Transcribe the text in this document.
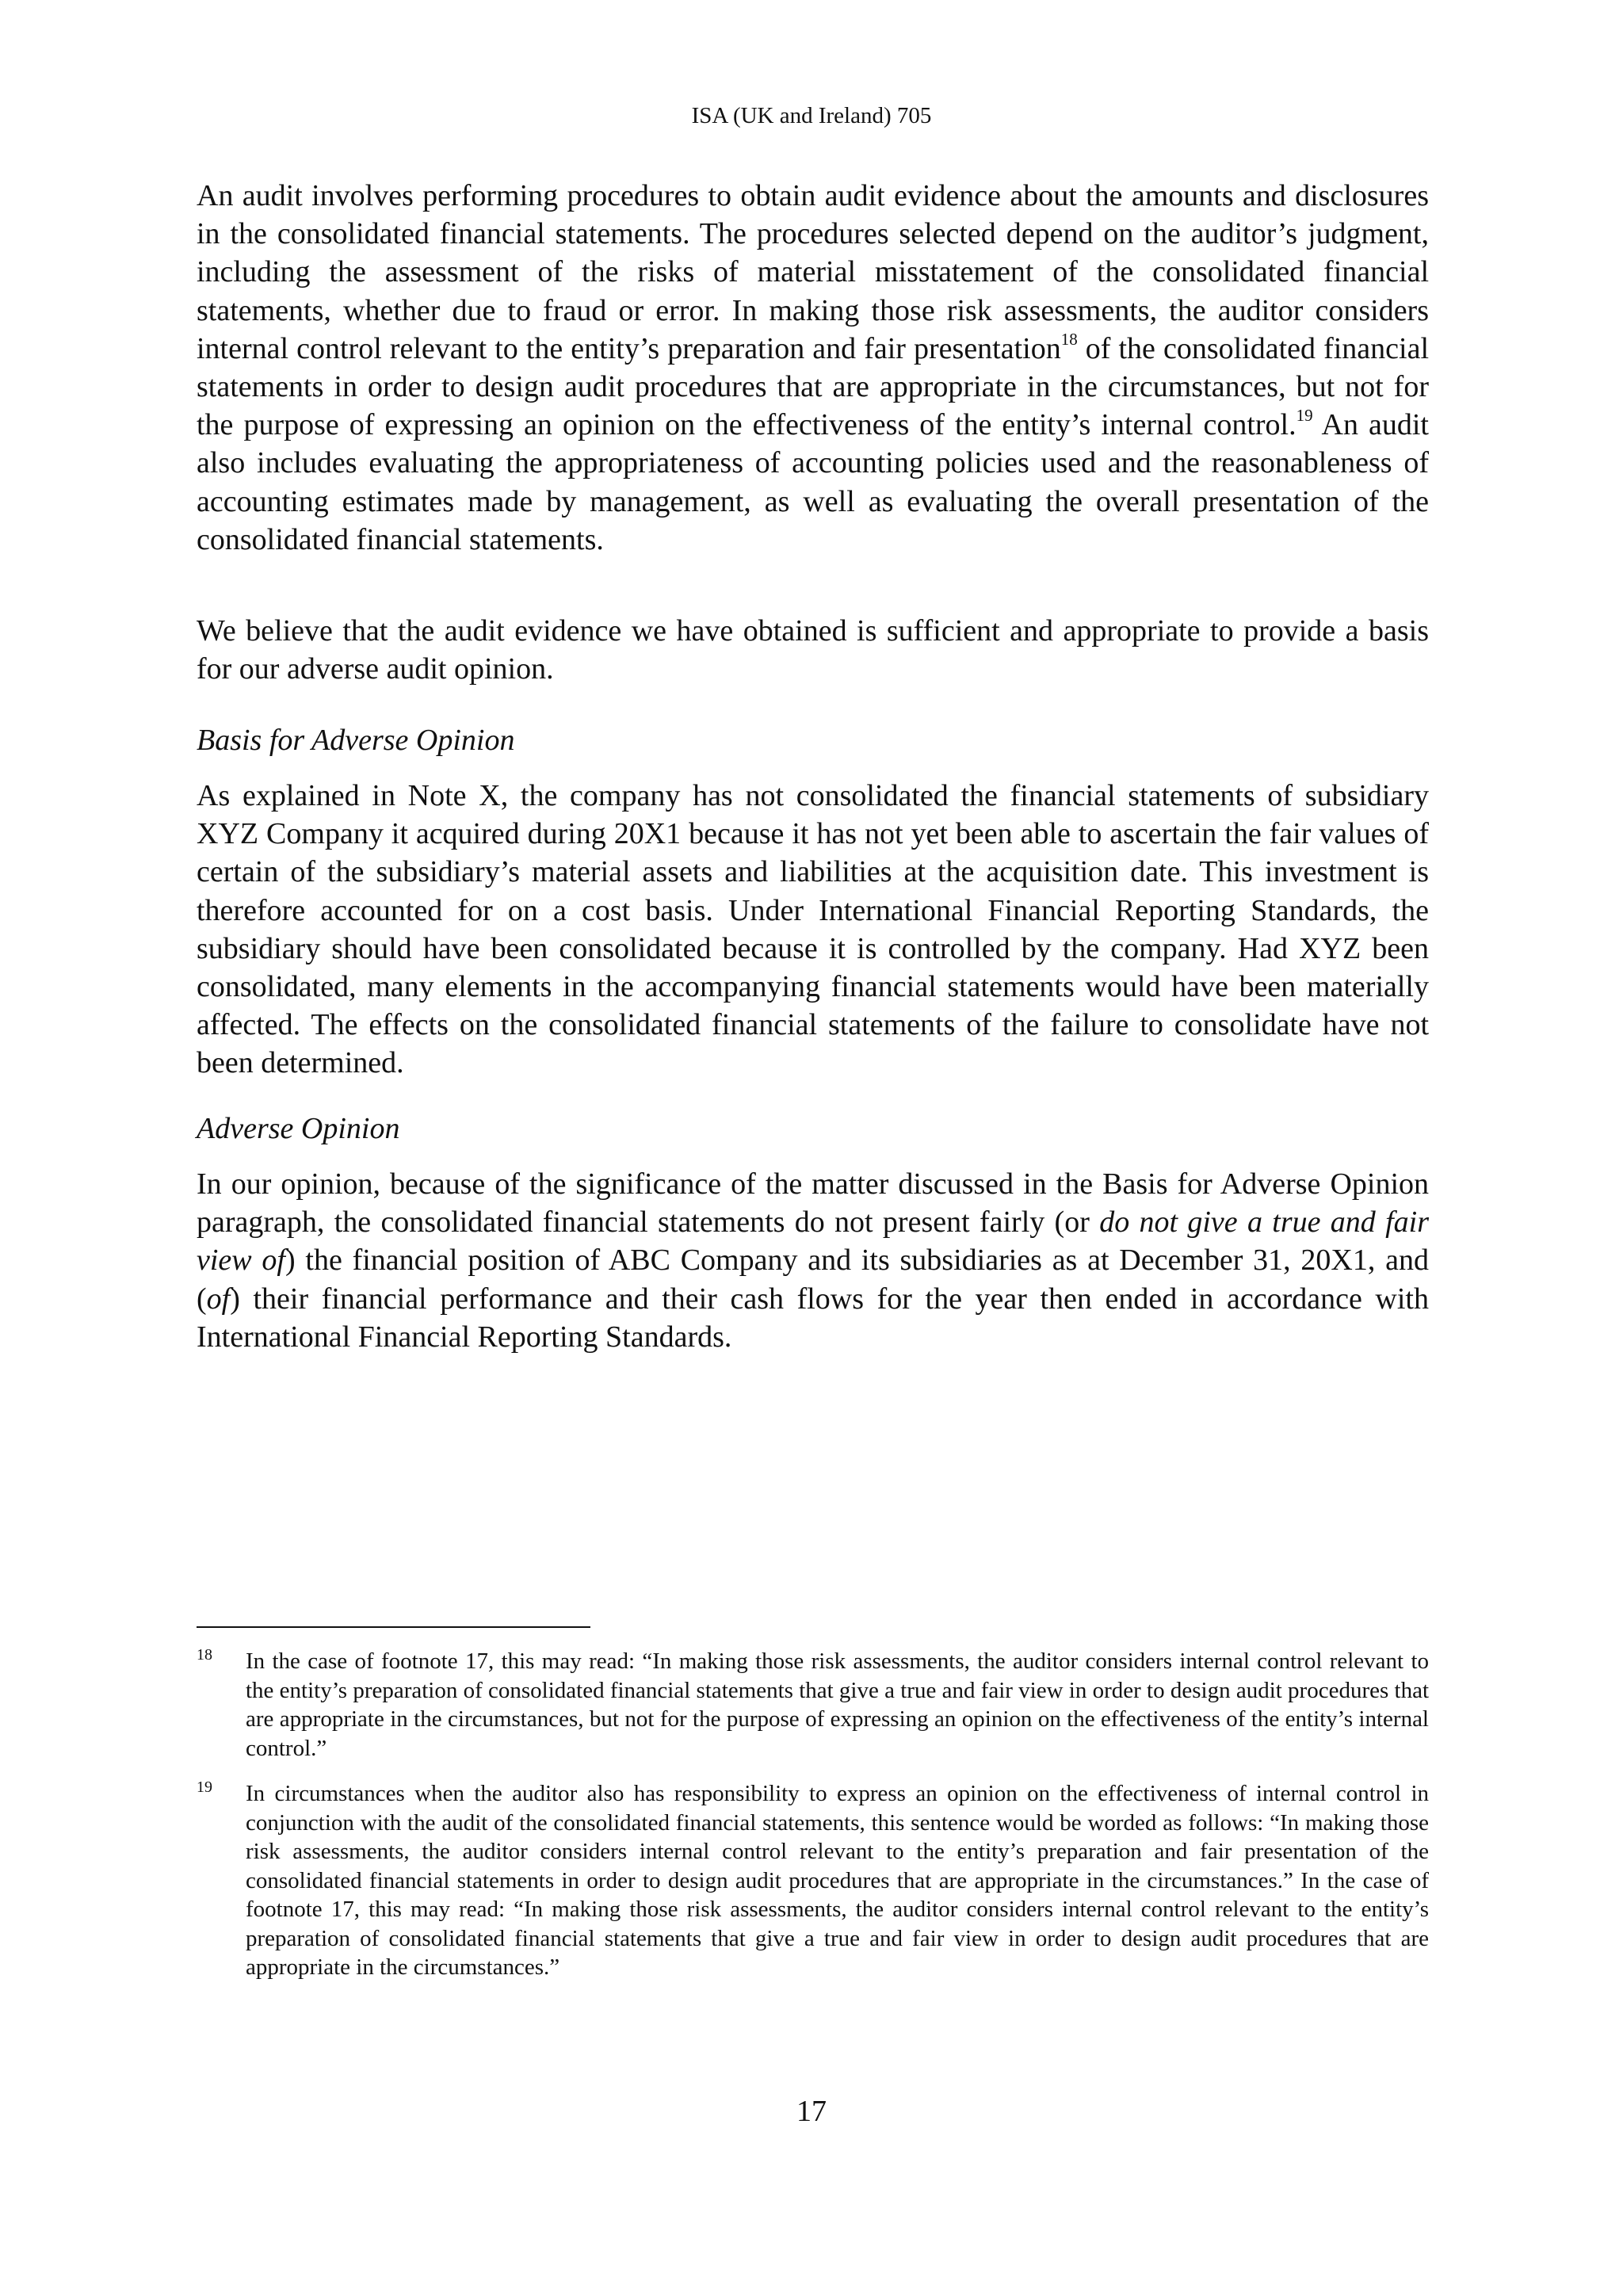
ISA (UK and Ireland) 705

An audit involves performing procedures to obtain audit evidence about the amounts and disclosures in the consolidated financial statements. The procedures selected depend on the auditor’s judgment, including the assessment of the risks of material misstatement of the consolidated financial statements, whether due to fraud or error. In making those risk assessments, the auditor considers internal control relevant to the entity’s preparation and fair presentation$^{18}$ of the consolidated financial statements in order to design audit procedures that are appropriate in the circumstances, but not for the purpose of expressing an opinion on the effectiveness of the entity’s internal control.$^{19}$ An audit also includes evaluating the appropriateness of accounting policies used and the reasonableness of accounting estimates made by management, as well as evaluating the overall presentation of the consolidated financial statements.

We believe that the audit evidence we have obtained is sufficient and appropriate to provide a basis for our adverse audit opinion.

Basis for Adverse Opinion

As explained in Note X, the company has not consolidated the financial statements of subsidiary XYZ Company it acquired during 20X1 because it has not yet been able to ascertain the fair values of certain of the subsidiary’s material assets and liabilities at the acquisition date. This investment is therefore accounted for on a cost basis. Under International Financial Reporting Standards, the subsidiary should have been consolidated because it is controlled by the company. Had XYZ been consolidated, many elements in the accompanying financial statements would have been materially affected. The effects on the consolidated financial statements of the failure to consolidate have not been determined.

Adverse Opinion

In our opinion, because of the significance of the matter discussed in the Basis for Adverse Opinion paragraph, the consolidated financial statements do not present fairly (or do not give a true and fair view of) the financial position of ABC Company and its subsidiaries as at December 31, 20X1, and (of) their financial performance and their cash flows for the year then ended in accordance with International Financial Reporting Standards.

18 In the case of footnote 17, this may read: “In making those risk assessments, the auditor considers internal control relevant to the entity’s preparation of consolidated financial statements that give a true and fair view in order to design audit procedures that are appropriate in the circumstances, but not for the purpose of expressing an opinion on the effectiveness of the entity’s internal control.”
19 In circumstances when the auditor also has responsibility to express an opinion on the effectiveness of internal control in conjunction with the audit of the consolidated financial statements, this sentence would be worded as follows: “In making those risk assessments, the auditor considers internal control relevant to the entity’s preparation and fair presentation of the consolidated financial statements in order to design audit procedures that are appropriate in the circumstances.” In the case of footnote 17, this may read: “In making those risk assessments, the auditor considers internal control relevant to the entity’s preparation of consolidated financial statements that give a true and fair view in order to design audit procedures that are appropriate in the circumstances.”
17
